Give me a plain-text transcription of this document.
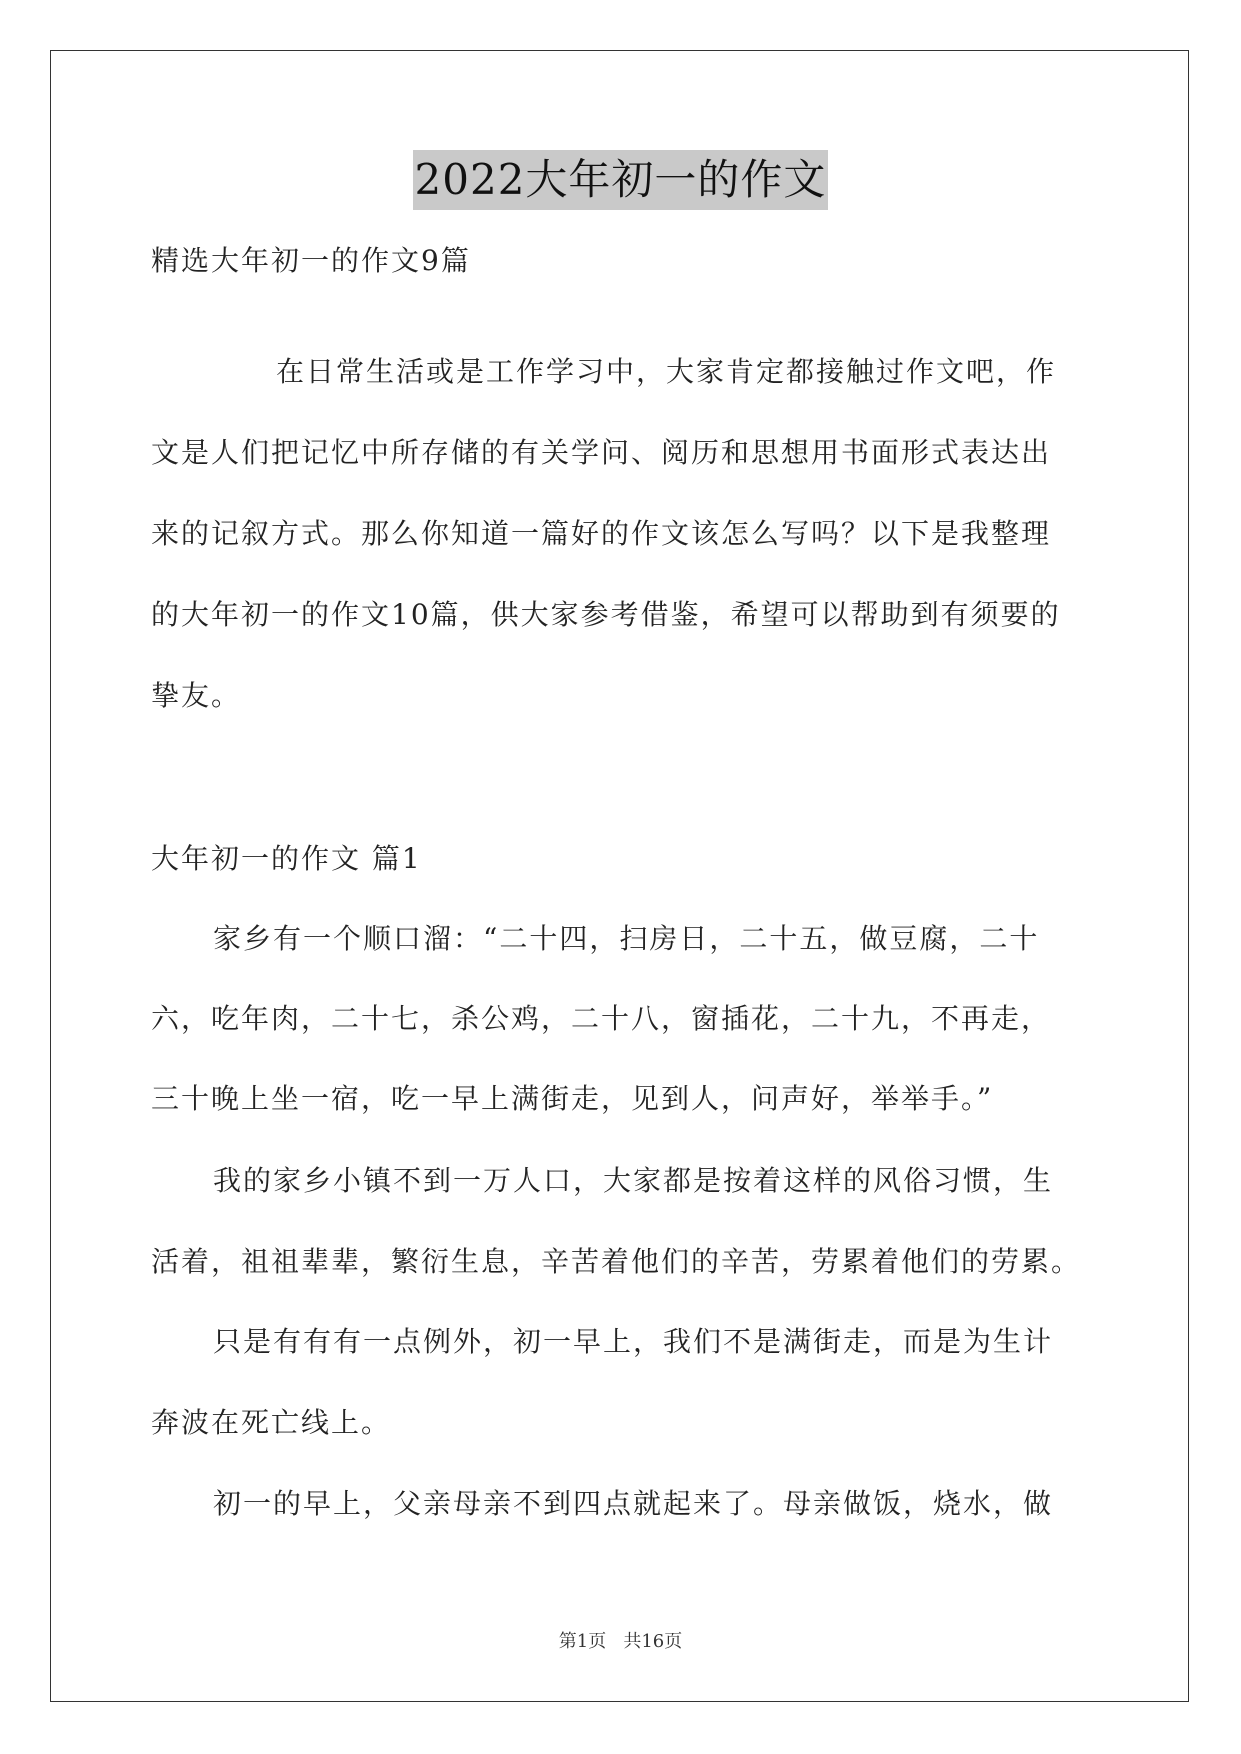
2022大年初一的作文
精选大年初一的作文9篇
在日常生活或是工作学习中，大家肯定都接触过作文吧，作
文是人们把记忆中所存储的有关学问、阅历和思想用书面形式表达出
来的记叙方式。那么你知道一篇好的作文该怎么写吗？以下是我整理
的大年初一的作文10篇，供大家参考借鉴，希望可以帮助到有须要的
挚友。
大年初一的作文 篇1
家乡有一个顺口溜：“二十四，扫房日，二十五，做豆腐，二十
六，吃年肉，二十七，杀公鸡，二十八，窗插花，二十九，不再走，
三十晚上坐一宿，吃一早上满街走，见到人，问声好，举举手。”
我的家乡小镇不到一万人口，大家都是按着这样的风俗习惯，生
活着，祖祖辈辈，繁衍生息，辛苦着他们的辛苦，劳累着他们的劳累。
只是有有有一点例外，初一早上，我们不是满街走，而是为生计
奔波在死亡线上。
初一的早上，父亲母亲不到四点就起来了。母亲做饭，烧水，做
第1页 共16页
